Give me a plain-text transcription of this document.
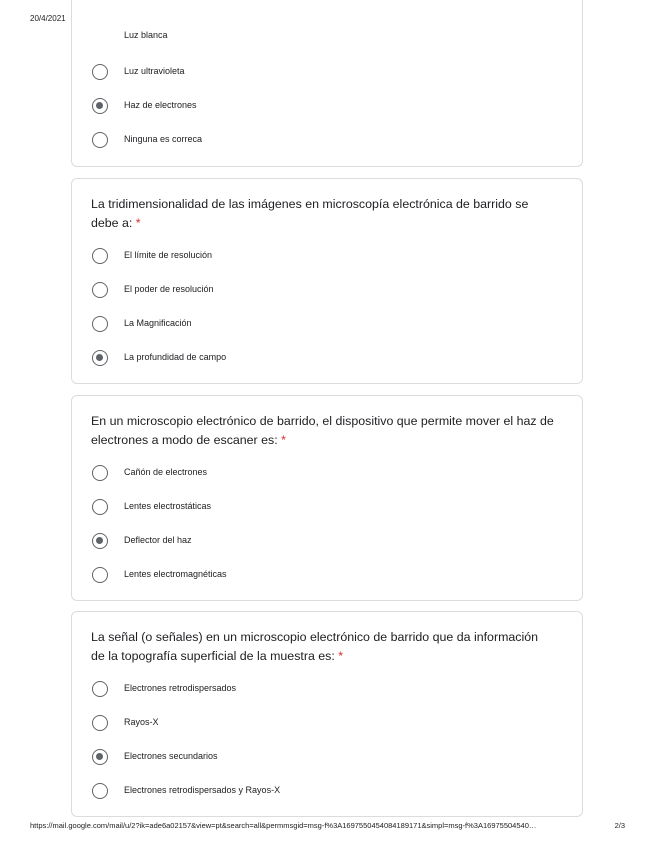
20/4/2021
Luz blanca
Luz ultravioleta
Haz de electrones
Ninguna es correca
La tridimensionalidad de las imágenes en microscopía electrónica de barrido se debe a: *
El límite de resolución
El poder de resolución
La Magnificación
La profundidad de campo
En un microscopio electrónico de barrido, el dispositivo que permite mover el haz de electrones a modo de escaner es: *
Cañón de electrones
Lentes electrostáticas
Deflector del haz
Lentes electromagnéticas
La señal (o señales) en un microscopio electrónico de barrido que da información de la topografía superficial de la muestra es: *
Electrones retrodispersados
Rayos-X
Electrones secundarios
Electrones retrodispersados y Rayos-X
https://mail.google.com/mail/u/2?ik=ade6a02157&view=pt&search=all&permmsgid=msg-f%3A1697550454084189171&simpl=msg-f%3A16975504540…	2/3
